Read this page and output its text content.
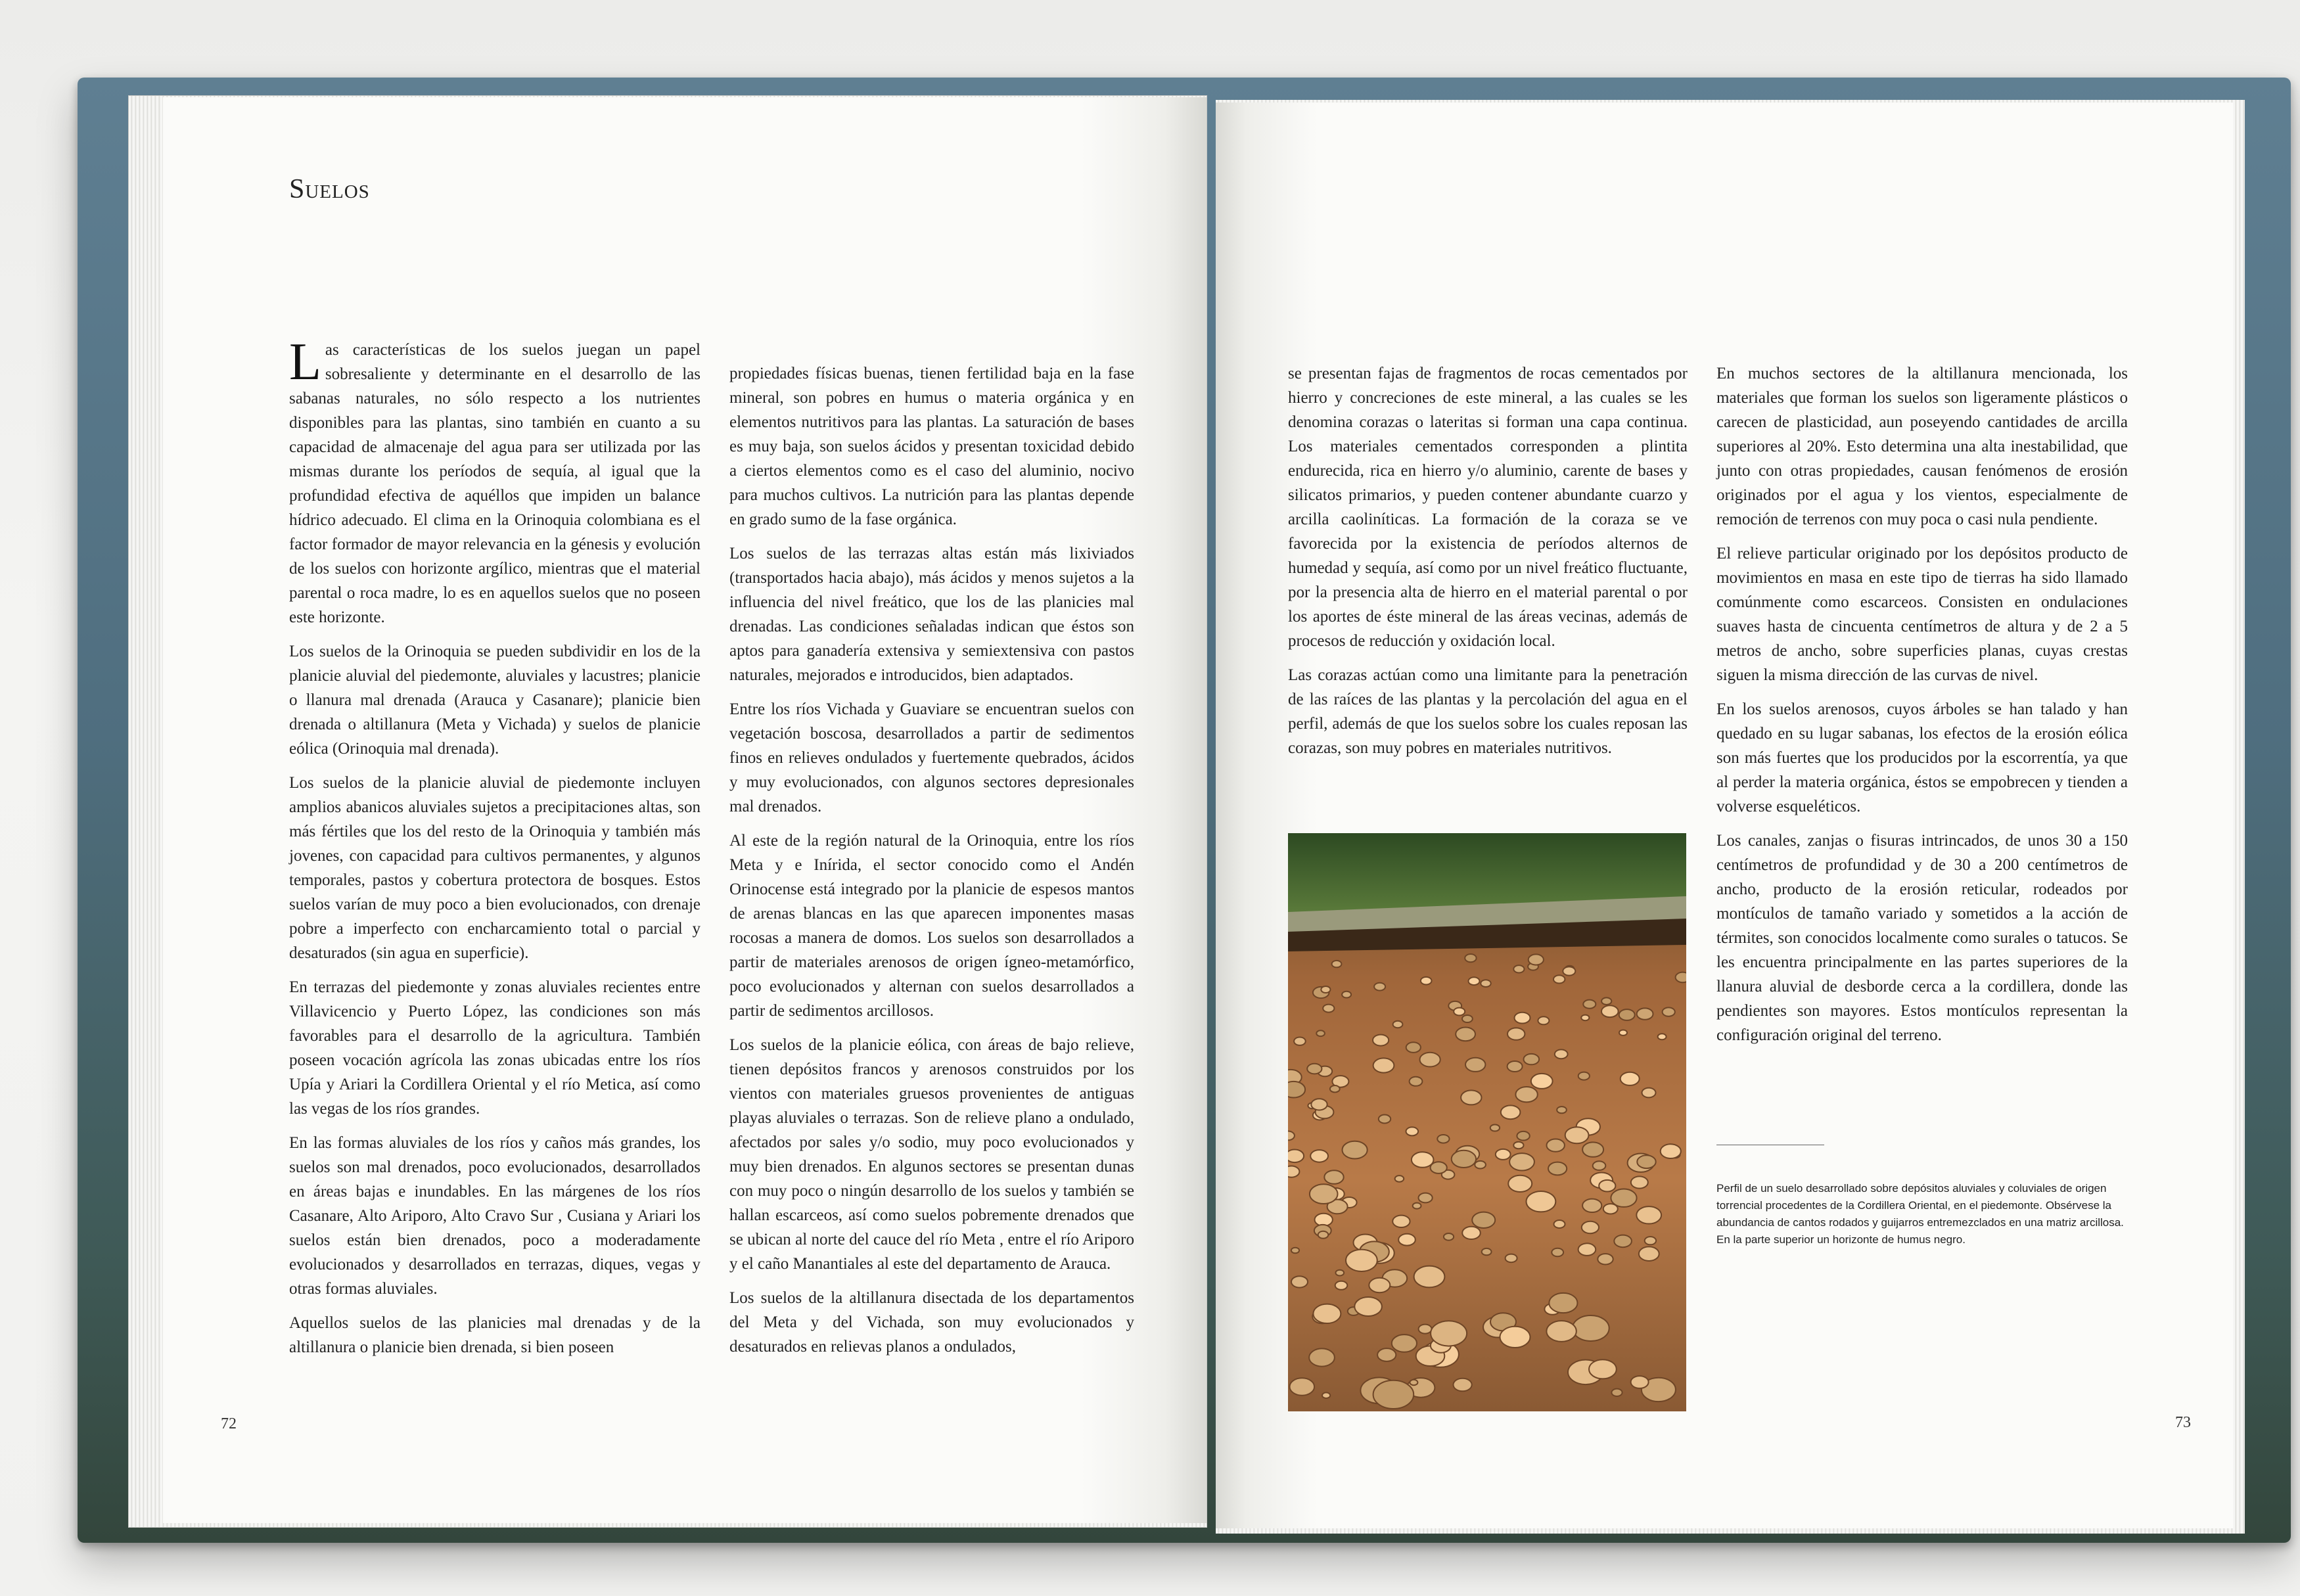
Suelos

Las características de los suelos juegan un papel sobresaliente y determinante en el desarrollo de las sabanas naturales, no sólo respecto a los nutrientes disponibles para las plantas, sino también en cuanto a su capacidad de almacenaje del agua para ser utilizada por las mismas durante los períodos de sequía, al igual que la profundidad efectiva de aquéllos que impiden un balance hídrico adecuado. El clima en la Orinoquia colombiana es el factor formador de mayor relevancia en la génesis y evolución de los suelos con horizonte argílico, mientras que el material parental o roca madre, lo es en aquellos suelos que no poseen este horizonte.

Los suelos de la Orinoquia se pueden subdividir en los de la planicie aluvial del piedemonte, aluviales y lacustres; planicie o llanura mal drenada (Arauca y Casanare); planicie bien drenada o altillanura (Meta y Vichada) y suelos de planicie eólica (Orinoquia mal drenada).

Los suelos de la planicie aluvial de piedemonte incluyen amplios abanicos aluviales sujetos a precipitaciones altas, son más fértiles que los del resto de la Orinoquia y también más jovenes, con capacidad para cultivos permanentes, y algunos temporales, pastos y cobertura protectora de bosques. Estos suelos varían de muy poco a bien evolucionados, con drenaje pobre a imperfecto con encharcamiento total o parcial y desaturados (sin agua en superficie).

En terrazas del piedemonte y zonas aluviales recientes entre Villavicencio y Puerto López, las condiciones son más favorables para el desarrollo de la agricultura. También poseen vocación agrícola las zonas ubicadas entre los ríos Upía y Ariari la Cordillera Oriental y el río Metica, así como las vegas de los ríos grandes.

En las formas aluviales de los ríos y caños más grandes, los suelos son mal drenados, poco evolucionados, desarrollados en áreas bajas e inundables. En las márgenes de los ríos Casanare, Alto Ariporo, Alto Cravo Sur , Cusiana y Ariari los suelos están bien drenados, poco a moderadamente evolucionados y desarrollados en terrazas, diques, vegas y otras formas aluviales.

Aquellos suelos de las planicies mal drenadas y de la altillanura o planicie bien drenada, si bien poseen

propiedades físicas buenas, tienen fertilidad baja en la fase mineral, son pobres en humus o materia orgánica y en elementos nutritivos para las plantas. La saturación de bases es muy baja, son suelos ácidos y presentan toxicidad debido a ciertos elementos como es el caso del aluminio, nocivo para muchos cultivos. La nutrición para las plantas depende en grado sumo de la fase orgánica.

Los suelos de las terrazas altas están más lixiviados (transportados hacia abajo), más ácidos y menos sujetos a la influencia del nivel freático, que los de las planicies mal drenadas. Las condiciones señaladas indican que éstos son aptos para ganadería extensiva y semiextensiva con pastos naturales, mejorados e introducidos, bien adaptados.

Entre los ríos Vichada y Guaviare se encuentran suelos con vegetación boscosa, desarrollados a partir de sedimentos finos en relieves ondulados y fuertemente quebrados, ácidos y muy evolucionados, con algunos sectores depresionales mal drenados.

Al este de la región natural de la Orinoquia, entre los ríos Meta y e Inírida, el sector conocido como el Andén Orinocense está integrado por la planicie de espesos mantos de arenas blancas en las que aparecen imponentes masas rocosas a manera de domos. Los suelos son desarrollados a partir de materiales arenosos de origen ígneo-metamórfico, poco evolucionados y alternan con suelos desarrollados a partir de sedimentos arcillosos.

Los suelos de la planicie eólica, con áreas de bajo relieve, tienen depósitos francos y arenosos construidos por los vientos con materiales gruesos provenientes de antiguas playas aluviales o terrazas. Son de relieve plano a ondulado, afectados por sales y/o sodio, muy poco evolucionados y muy bien drenados. En algunos sectores se presentan dunas con muy poco o ningún desarrollo de los suelos y también se hallan escarceos, así como suelos pobremente drenados que se ubican al norte del cauce del río Meta , entre el río Ariporo y el caño Manantiales al este del departamento de Arauca.

Los suelos de la altillanura disectada de los departamentos del Meta y del Vichada, son muy evolucionados y desaturados en relievas planos a ondulados,

72

se presentan fajas de fragmentos de rocas cementados por hierro y concreciones de este mineral, a las cuales se les denomina corazas o lateritas si forman una capa continua. Los materiales cementados corresponden a plintita endurecida, rica en hierro y/o aluminio, carente de bases y silicatos primarios, y pueden contener abundante cuarzo y arcilla caoliníticas. La formación de la coraza se ve favorecida por la existencia de períodos alternos de humedad y sequía, así como por un nivel freático fluctuante, por la presencia alta de hierro en el material parental o por los aportes de éste mineral de las áreas vecinas, además de procesos de reducción y oxidación local.

Las corazas actúan como una limitante para la penetración de las raíces de las plantas y la percolación del agua en el perfil, además de que los suelos sobre los cuales reposan las corazas, son muy pobres en materiales nutritivos.

Perfil de un suelo desarrollado sobre depósitos aluviales y coluviales de origen torrencial procedentes de la Cordillera Oriental, en el piedemonte. Obsérvese la abundancia de cantos rodados y guijarros entremezclados en una matriz arcillosa. En la parte superior un horizonte de humus negro.

En muchos sectores de la altillanura mencionada, los materiales que forman los suelos son ligeramente plásticos o carecen de plasticidad, aun poseyendo cantidades de arcilla superiores al 20%. Esto determina una alta inestabilidad, que junto con otras propiedades, causan fenómenos de erosión originados por el agua y los vientos, especialmente de remoción de terrenos con muy poca o casi nula pendiente.

El relieve particular originado por los depósitos producto de movimientos en masa en este tipo de tierras ha sido llamado comúnmente como escarceos. Consisten en ondulaciones suaves hasta de cincuenta centímetros de altura y de 2 a 5 metros de ancho, sobre superficies planas, cuyas crestas siguen la misma dirección de las curvas de nivel.

En los suelos arenosos, cuyos árboles se han talado y han quedado en su lugar sabanas, los efectos de la erosión eólica son más fuertes que los producidos por la escorrentía, ya que al perder la materia orgánica, éstos se empobrecen y tienden a volverse esqueléticos.

Los canales, zanjas o fisuras intrincados, de unos 30 a 150 centímetros de profundidad y de 30 a 200 centímetros de ancho, producto de la erosión reticular, rodeados por montículos de tamaño variado y sometidos a la acción de térmites, son conocidos localmente como surales o tatucos. Se les encuentra principalmente en las partes superiores de la llanura aluvial de desborde cerca a la cordillera, donde las pendientes son mayores. Estos montículos representan la configuración original del terreno.

73
